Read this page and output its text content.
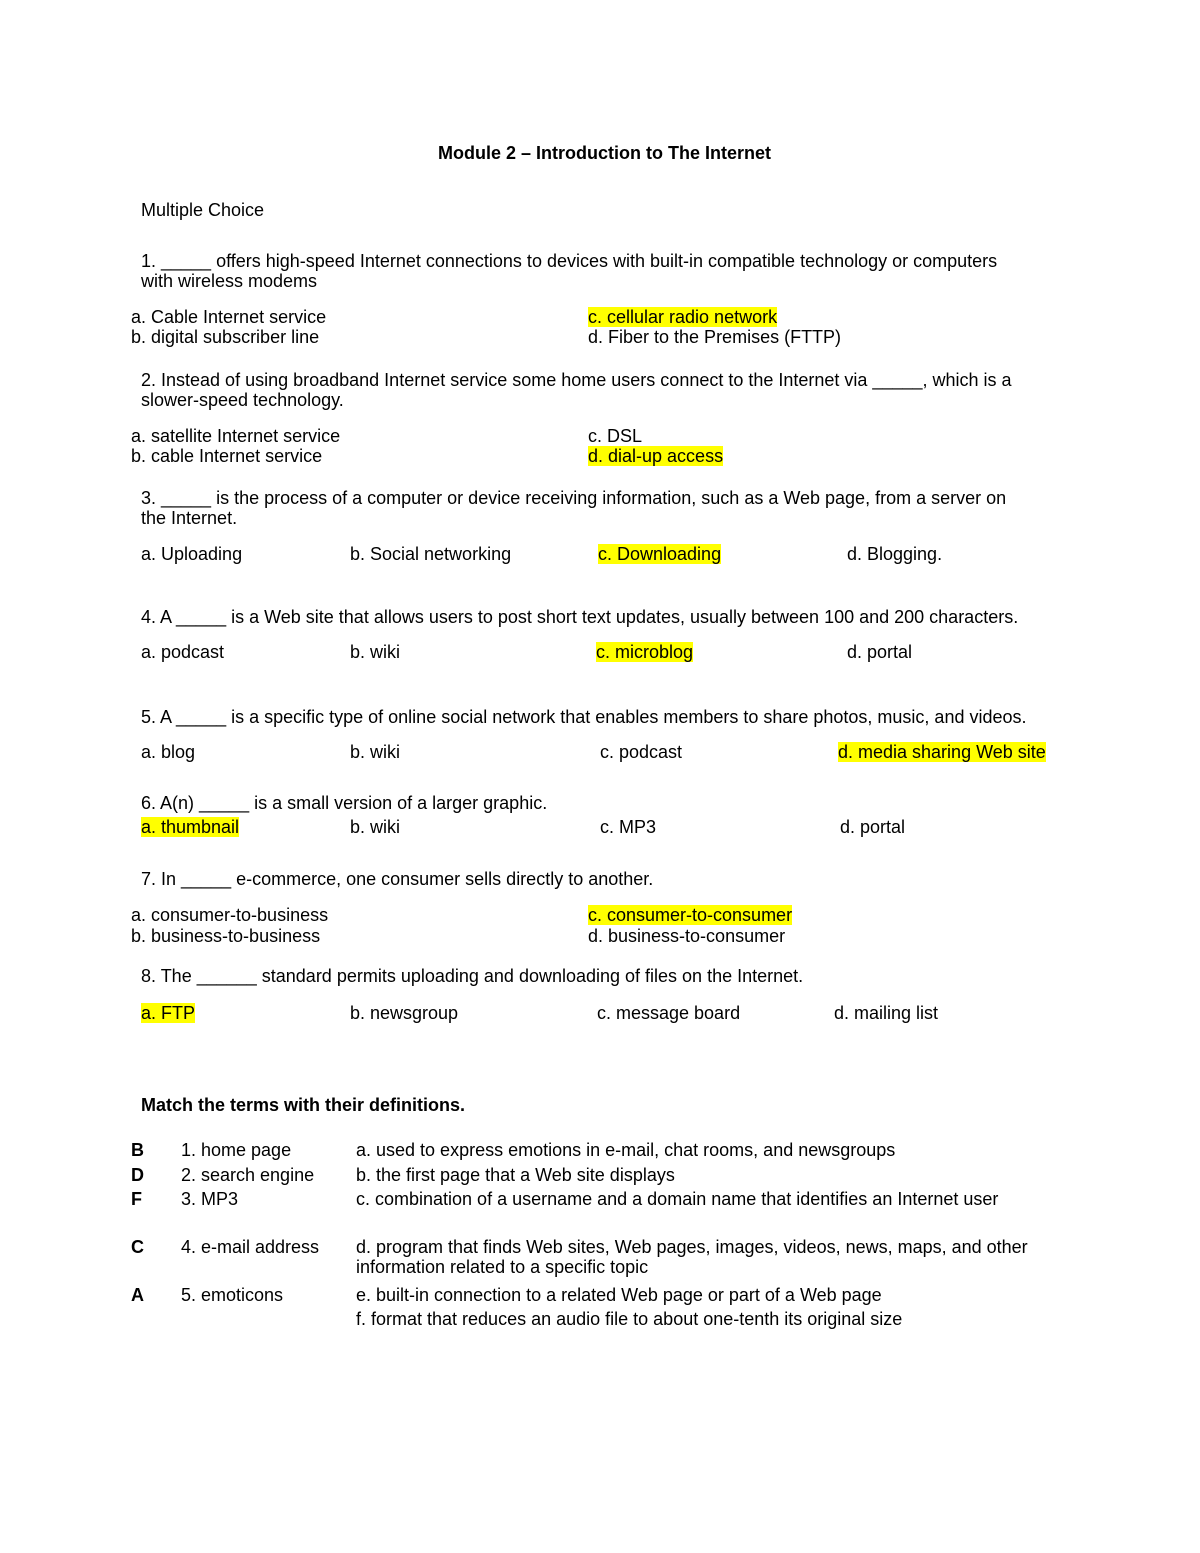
Module 2 – Introduction to The Internet
Multiple Choice
1. _____ offers high-speed Internet connections to devices with built-in compatible technology or computers
with wireless modems
a. Cable Internet service
b. digital subscriber line
c. cellular radio network
d. Fiber to the Premises (FTTP)
2. Instead of using broadband Internet service some home users connect to the Internet via _____, which is a
slower-speed technology.
a. satellite Internet service
b. cable Internet service
c. DSL
d. dial-up access
3. _____ is the process of a computer or device receiving information, such as a Web page, from a server on
the Internet.
a. Uploading	b. Social networking	c. Downloading	d. Blogging.
4. A _____ is a Web site that allows users to post short text updates, usually between 100 and 200 characters.
a. podcast	b. wiki	c. microblog	d. portal
5. A _____ is a specific type of online social network that enables members to share photos, music, and videos.
a. blog	b. wiki	c. podcast	d. media sharing Web site
6. A(n) _____ is a small version of a larger graphic.
a. thumbnail	b. wiki	c. MP3	d. portal
7. In _____ e-commerce, one consumer sells directly to another.
a. consumer-to-business
b. business-to-business
c. consumer-to-consumer
d. business-to-consumer
8. The ______ standard permits uploading and downloading of files on the Internet.
a. FTP	b. newsgroup	c. message board	d. mailing list
Match the terms with their definitions.
B 1. home page	a. used to express emotions in e-mail, chat rooms, and newsgroups
D 2. search engine b. the first page that a Web site displays
F 3. MP3	c. combination of a username and a domain name that identifies an Internet user
C 4. e-mail address d. program that finds Web sites, Web pages, images, videos, news, maps, and other
information related to a specific topic
A 5. emoticons	e. built-in connection to a related Web page or part of a Web page
f. format that reduces an audio file to about one-tenth its original size
